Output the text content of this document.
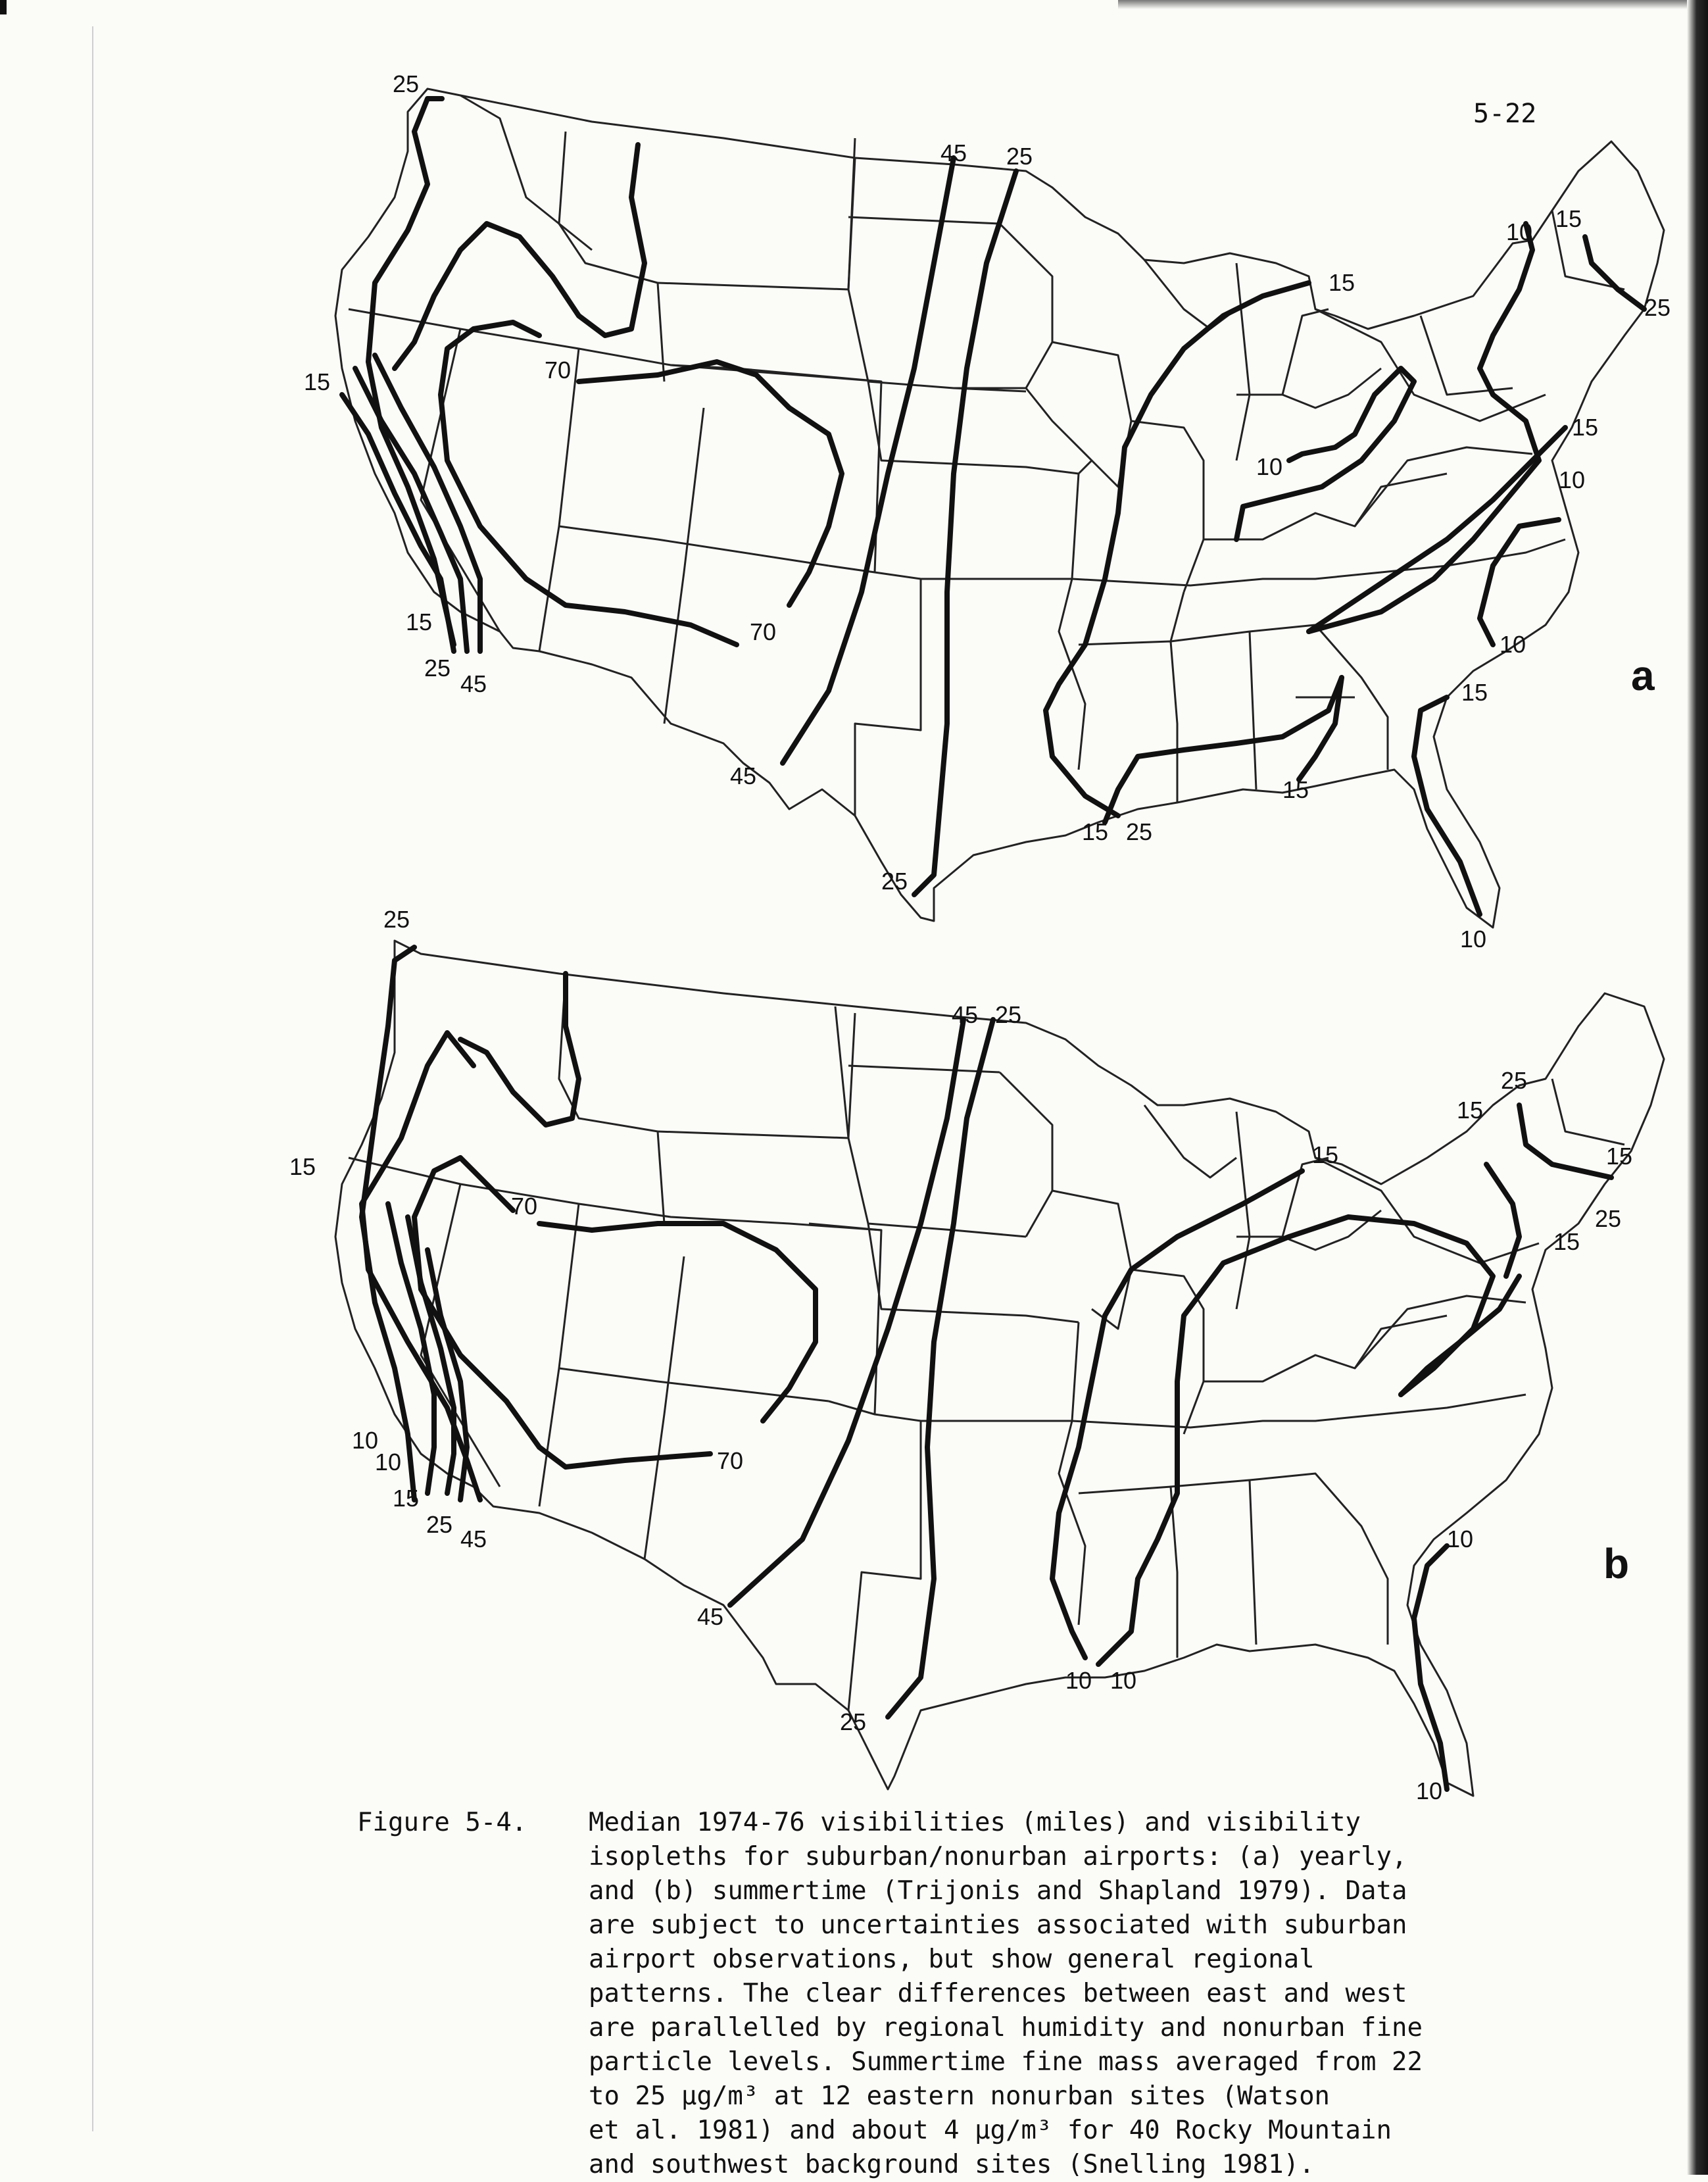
5-22
25
15
15
25
45
70
70
45
25
45 25
15
10
15 25
15
10
15
10
10
15
10 15
25
25
15
70
10
10
15
25
45
70
45
25
45 25
15
10
15
25
15
25
15
10
10
10
a
b
Figure 5-4. Median 1974-76 visibilities (miles) and visibility
isopleths for suburban/nonurban airports: (a) yearly,
and (b) summertime (Trijonis and Shapland 1979). Data
are subject to uncertainties associated with suburban
airport observations, but show general regional
patterns. The clear differences between east and west
are parallelled by regional humidity and nonurban fine
particle levels. Summertime fine mass averaged from 22
to 25 µg/m³ at 12 eastern nonurban sites (Watson
et al. 1981) and about 4 µg/m³ for 40 Rocky Mountain
and southwest background sites (Snelling 1981).
